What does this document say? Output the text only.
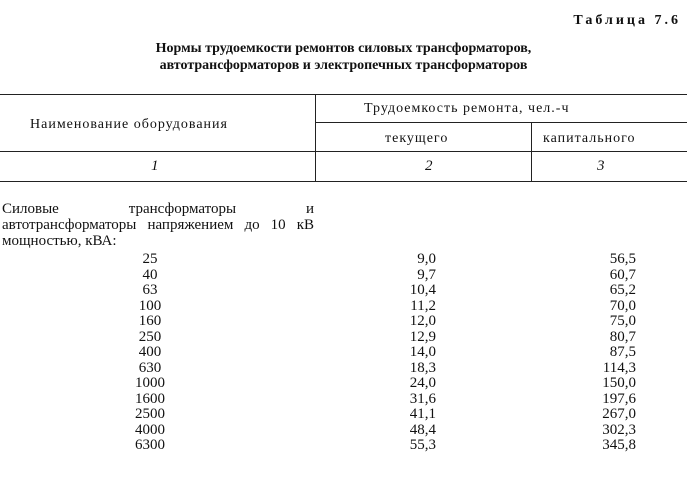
Таблица 7.6
Нормы трудоемкости ремонтов силовых трансформаторов,
автотрансформаторов и электропечных трансформаторов
Наименование оборудования
Трудоемкость ремонта, чел.-ч
текущего	капитального
1	2	3
Силовые трансформаторы и автотрансформаторы напряжением до 10 кВ мощностью, кВА:
25	9,0	56,5
40	9,7	60,7
63	10,4	65,2
100	11,2	70,0
160	12,0	75,0
250	12,9	80,7
400	14,0	87,5
630	18,3	114,3
1000	24,0	150,0
1600	31,6	197,6
2500	41,1	267,0
4000	48,4	302,3
6300	55,3	345,8
